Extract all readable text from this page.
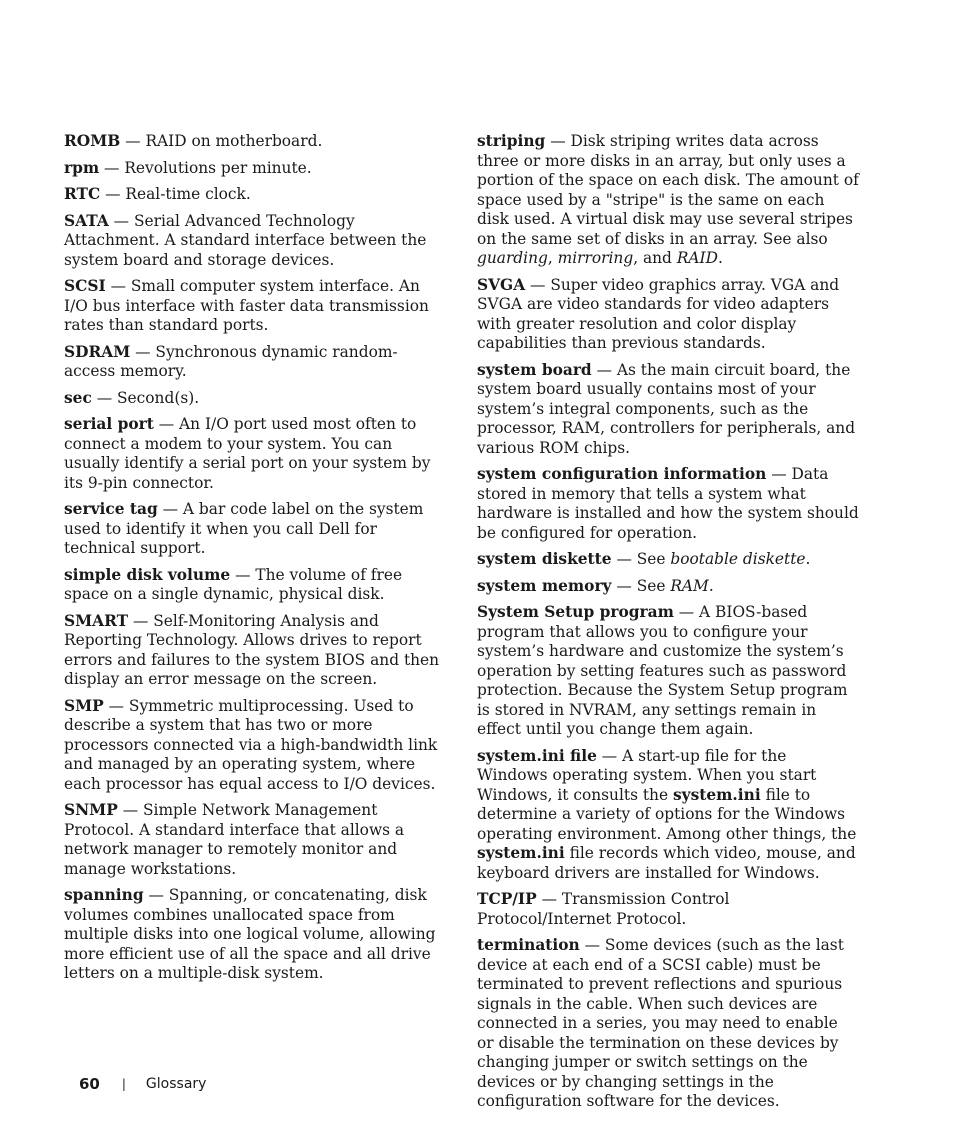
ROMB — RAID on motherboard.

rpm — Revolutions per minute.

RTC — Real-time clock.

SATA — Serial Advanced Technology Attachment. A standard interface between the system board and storage devices.

SCSI — Small computer system interface. An I/O bus interface with faster data transmission rates than standard ports.

SDRAM — Synchronous dynamic random-access memory.

sec — Second(s).

serial port — An I/O port used most often to connect a modem to your system. You can usually identify a serial port on your system by its 9-pin connector.

service tag — A bar code label on the system used to identify it when you call Dell for technical support.

simple disk volume — The volume of free space on a single dynamic, physical disk.

SMART — Self-Monitoring Analysis and Reporting Technology. Allows drives to report errors and failures to the system BIOS and then display an error message on the screen.

SMP — Symmetric multiprocessing. Used to describe a system that has two or more processors connected via a high-bandwidth link and managed by an operating system, where each processor has equal access to I/O devices.

SNMP — Simple Network Management Protocol. A standard interface that allows a network manager to remotely monitor and manage workstations.

spanning — Spanning, or concatenating, disk volumes combines unallocated space from multiple disks into one logical volume, allowing more efficient use of all the space and all drive letters on a multiple-disk system.

striping — Disk striping writes data across three or more disks in an array, but only uses a portion of the space on each disk. The amount of space used by a "stripe" is the same on each disk used. A virtual disk may use several stripes on the same set of disks in an array. See also guarding, mirroring, and RAID.

SVGA — Super video graphics array. VGA and SVGA are video standards for video adapters with greater resolution and color display capabilities than previous standards.

system board — As the main circuit board, the system board usually contains most of your system’s integral components, such as the processor, RAM, controllers for peripherals, and various ROM chips.

system configuration information — Data stored in memory that tells a system what hardware is installed and how the system should be configured for operation.

system diskette — See bootable diskette.

system memory — See RAM.

System Setup program — A BIOS-based program that allows you to configure your system’s hardware and customize the system’s operation by setting features such as password protection. Because the System Setup program is stored in NVRAM, any settings remain in effect until you change them again.

system.ini file — A start-up file for the Windows operating system. When you start Windows, it consults the system.ini file to determine a variety of options for the Windows operating environment. Among other things, the system.ini file records which video, mouse, and keyboard drivers are installed for Windows.

TCP/IP — Transmission Control Protocol/Internet Protocol.

termination — Some devices (such as the last device at each end of a SCSI cable) must be terminated to prevent reflections and spurious signals in the cable. When such devices are connected in a series, you may need to enable or disable the termination on these devices by changing jumper or switch settings on the devices or by changing settings in the configuration software for the devices.

60 | Glossary
